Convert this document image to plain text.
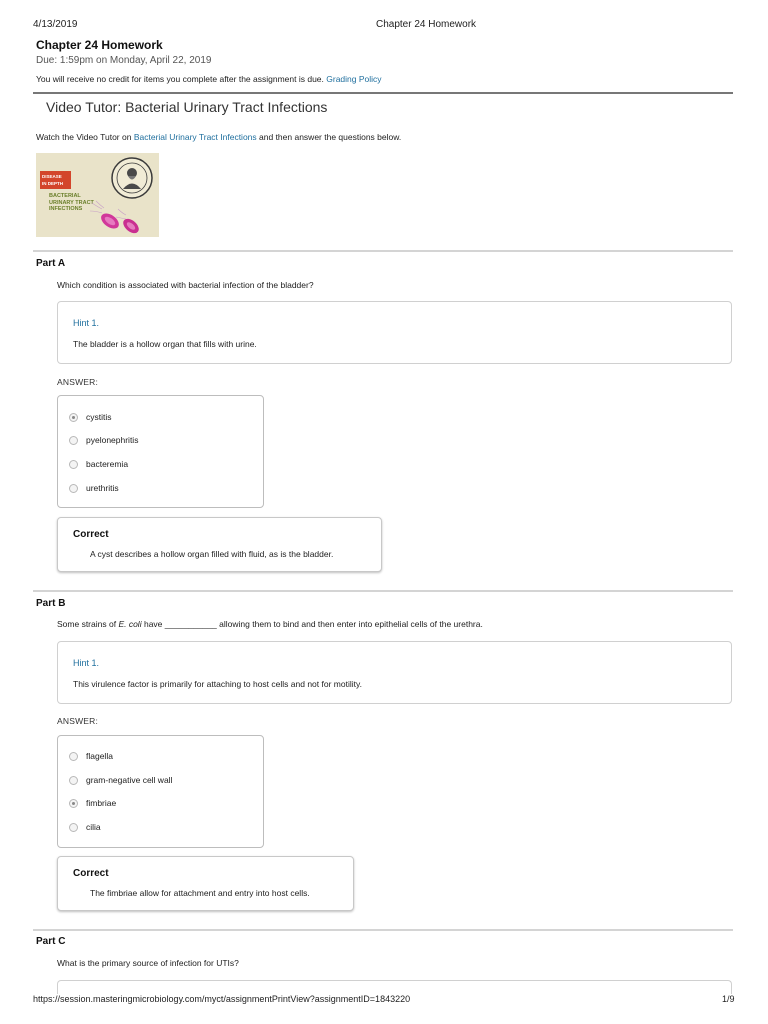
4/13/2019	Chapter 24 Homework
Chapter 24 Homework
Due: 1:59pm on Monday, April 22, 2019
You will receive no credit for items you complete after the assignment is due. Grading Policy
Video Tutor: Bacterial Urinary Tract Infections
Watch the Video Tutor on Bacterial Urinary Tract Infections and then answer the questions below.
DISEASE
IN DEPTH
BACTERIAL
URINARY TRACT
INFECTIONS
Part A
Which condition is associated with bacterial infection of the bladder?
Hint 1.
The bladder is a hollow organ that fills with urine.
ANSWER:
cystitis
pyelonephritis
bacteremia
urethritis
Correct
A cyst describes a hollow organ filled with fluid, as is the bladder.
Part B
Some strains of E. coli have ___________ allowing them to bind and then enter into epithelial cells of the urethra.
Hint 1.
This virulence factor is primarily for attaching to host cells and not for motility.
ANSWER:
flagella
gram-negative cell wall
fimbriae
cilia
Correct
The fimbriae allow for attachment and entry into host cells.
Part C
What is the primary source of infection for UTIs?
https://session.masteringmicrobiology.com/myct/assignmentPrintView?assignmentID=1843220	1/9
